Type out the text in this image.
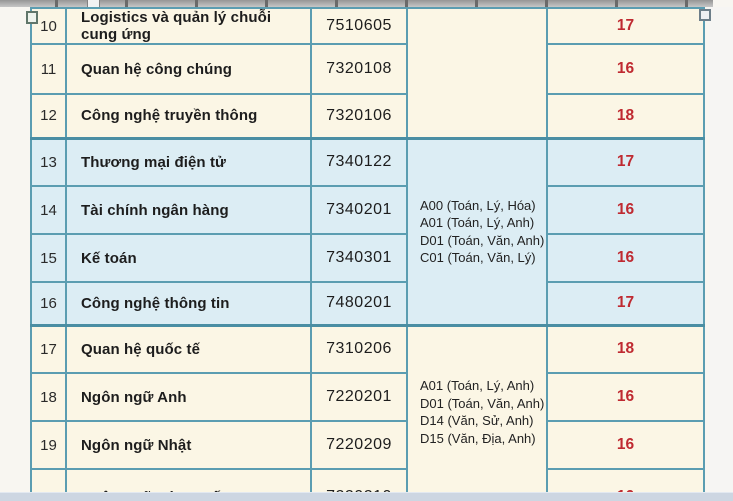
10	Logistics và quản lý chuỗi cung ứng	7510605		17
11	Quan hệ công chúng	7320108		16
12	Công nghệ truyền thông	7320106		18
13	Thương mại điện tử	7340122	A00 (Toán, Lý, Hóa)
A01 (Toán, Lý, Anh)
D01 (Toán, Văn, Anh)
C01 (Toán, Văn, Lý)	17
14	Tài chính ngân hàng	7340201		16
15	Kế toán	7340301		16
16	Công nghệ thông tin	7480201		17
17	Quan hệ quốc tế	7310206	A01 (Toán, Lý, Anh)
D01 (Toán, Văn, Anh)
D14 (Văn, Sử, Anh)
D15 (Văn, Địa, Anh)	18
18	Ngôn ngữ Anh	7220201		16
19	Ngôn ngữ Nhật	7220209		16
